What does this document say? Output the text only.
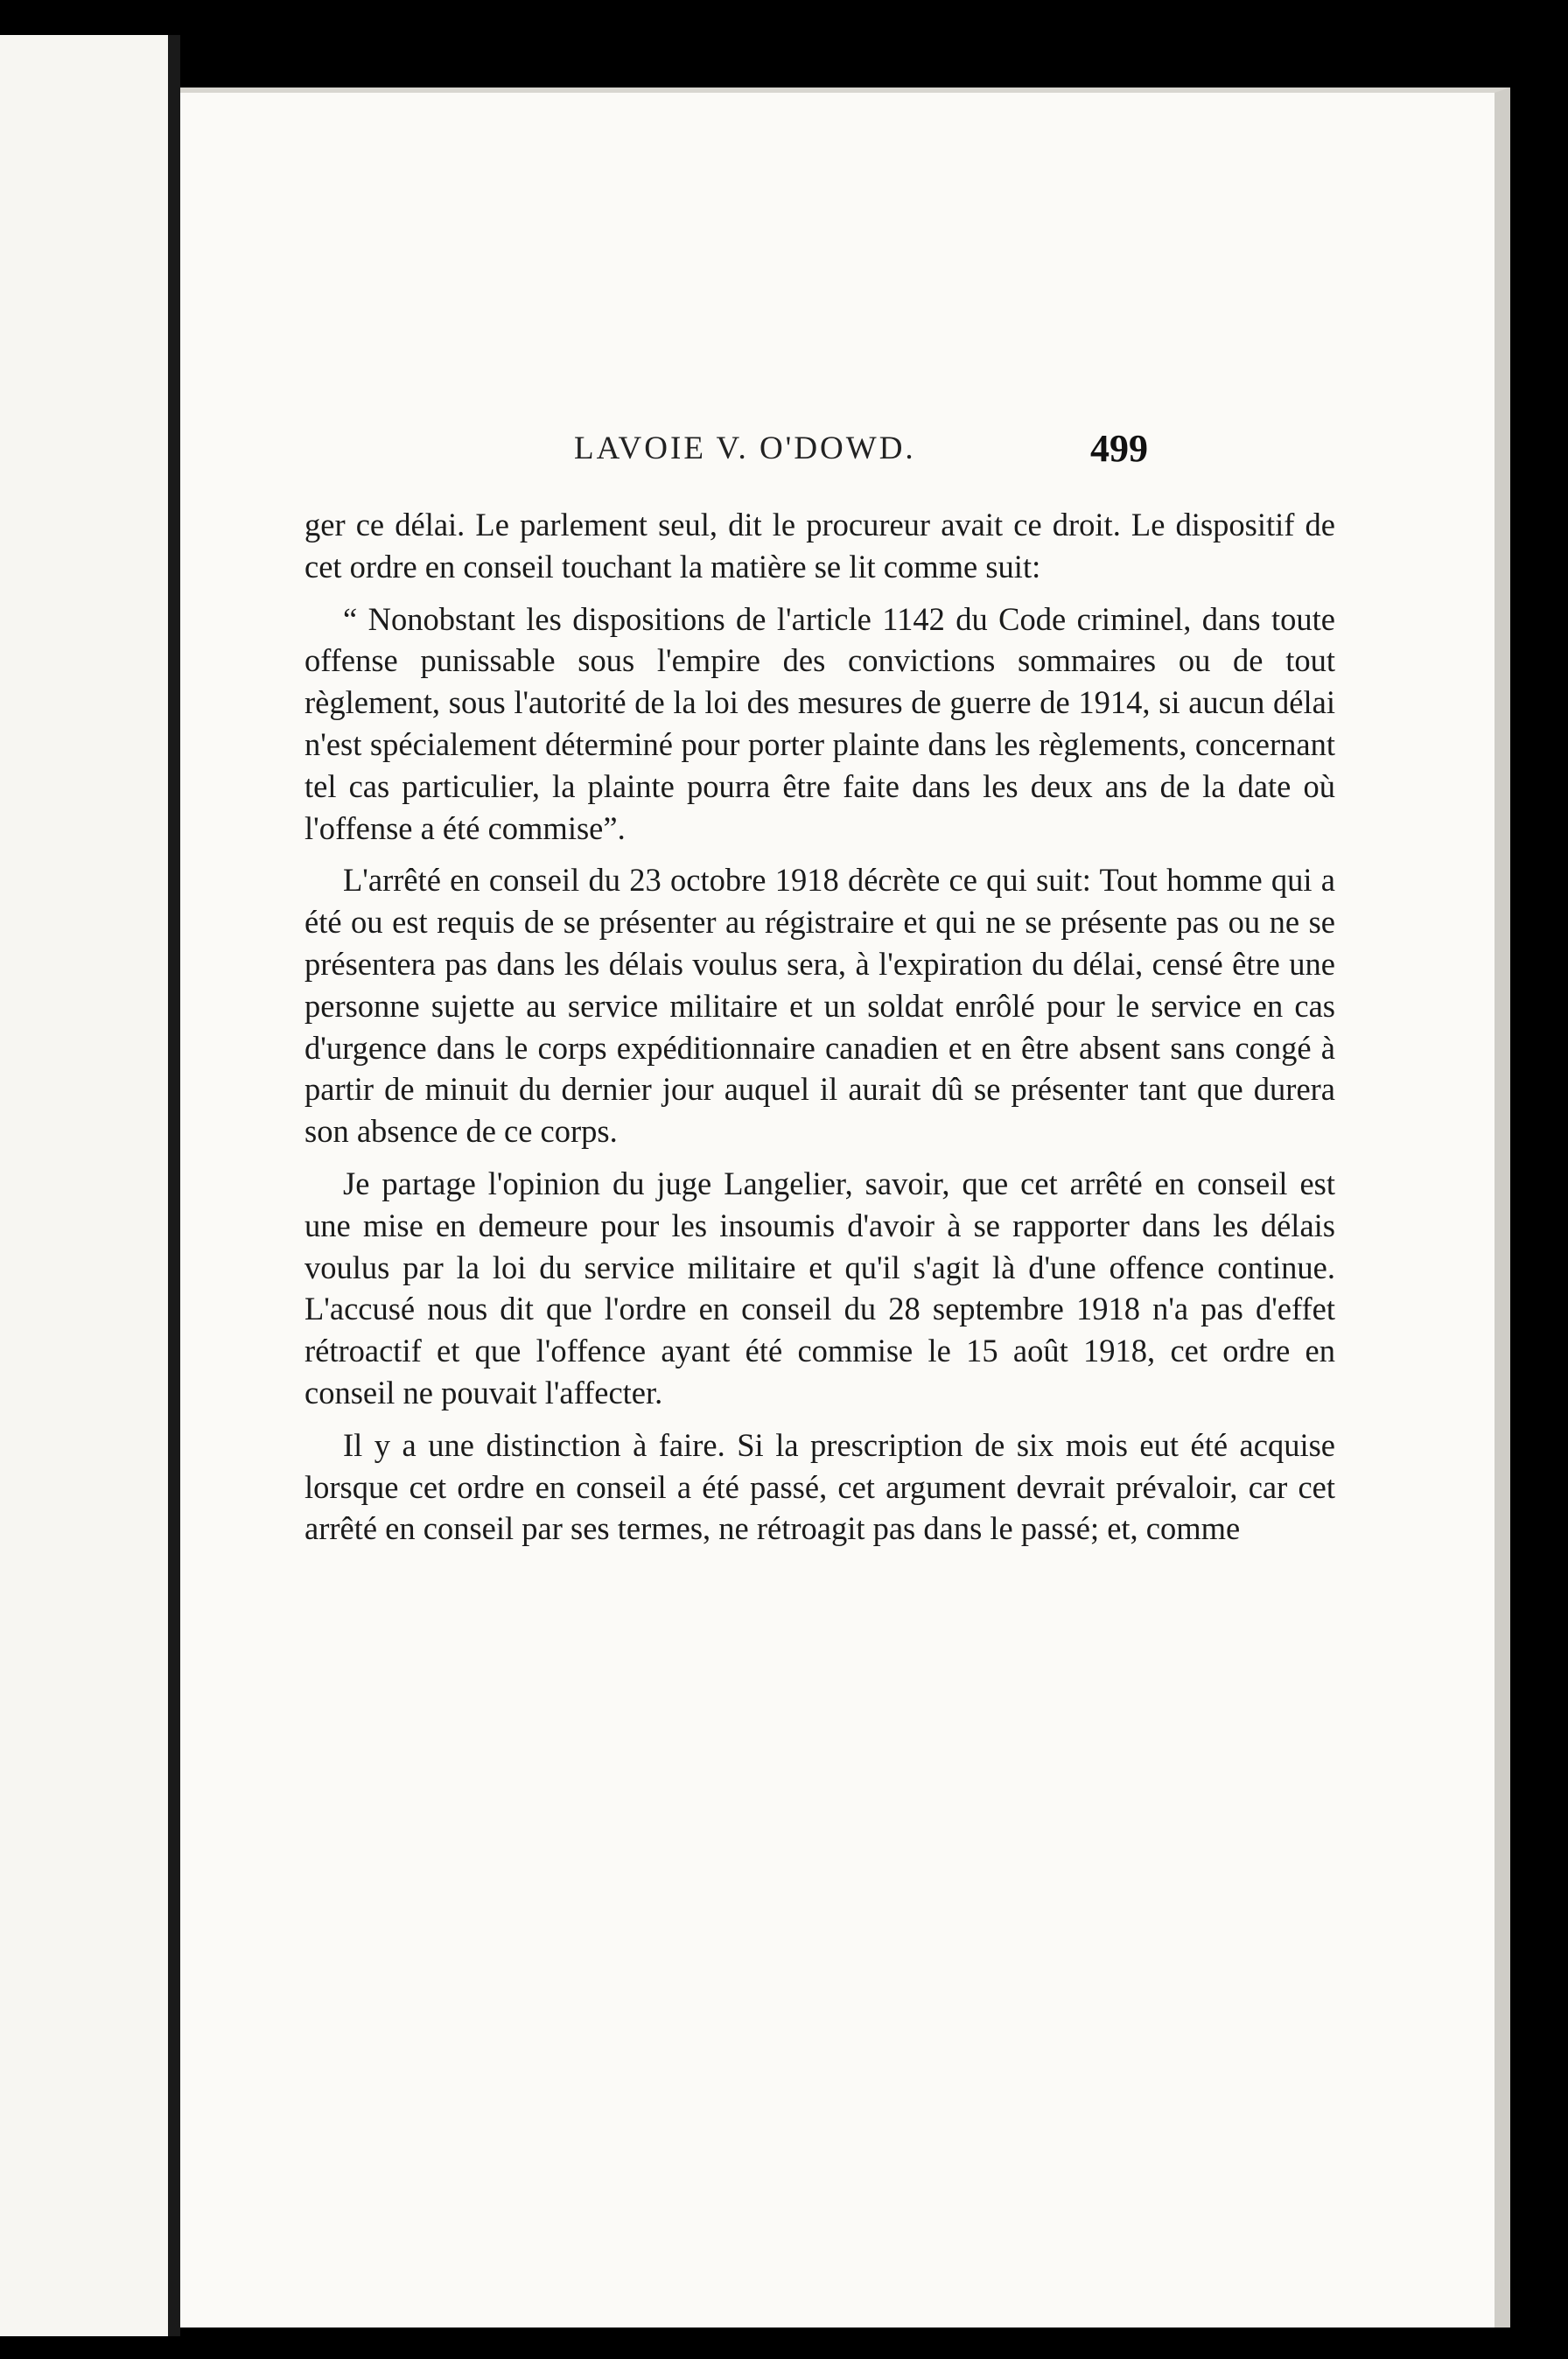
LAVOIE V. O'DOWD.	499

ger ce délai. Le parlement seul, dit le procureur avait ce droit. Le dispositif de cet ordre en conseil touchant la matière se lit comme suit:

“ Nonobstant les dispositions de l'article 1142 du Code criminel, dans toute offense punissable sous l'empire des convictions sommaires ou de tout règlement, sous l'autorité de la loi des mesures de guerre de 1914, si aucun délai n'est spécialement déterminé pour porter plainte dans les règlements, concernant tel cas particulier, la plainte pourra être faite dans les deux ans de la date où l'offense a été commise”.

L'arrêté en conseil du 23 octobre 1918 décrète ce qui suit: Tout homme qui a été ou est requis de se présenter au régistraire et qui ne se présente pas ou ne se présentera pas dans les délais voulus sera, à l'expiration du délai, censé être une personne sujette au service militaire et un soldat enrôlé pour le service en cas d'urgence dans le corps expéditionnaire canadien et en être absent sans congé à partir de minuit du dernier jour auquel il aurait dû se présenter tant que durera son absence de ce corps.

Je partage l'opinion du juge Langelier, savoir, que cet arrêté en conseil est une mise en demeure pour les insoumis d'avoir à se rapporter dans les délais voulus par la loi du service militaire et qu'il s'agit là d'une offence continue. L'accusé nous dit que l'ordre en conseil du 28 septembre 1918 n'a pas d'effet rétroactif et que l'offence ayant été commise le 15 août 1918, cet ordre en conseil ne pouvait l'affecter.

Il y a une distinction à faire. Si la prescription de six mois eut été acquise lorsque cet ordre en conseil a été passé, cet argument devrait prévaloir, car cet arrêté en conseil par ses termes, ne rétroagit pas dans le passé; et, comme
